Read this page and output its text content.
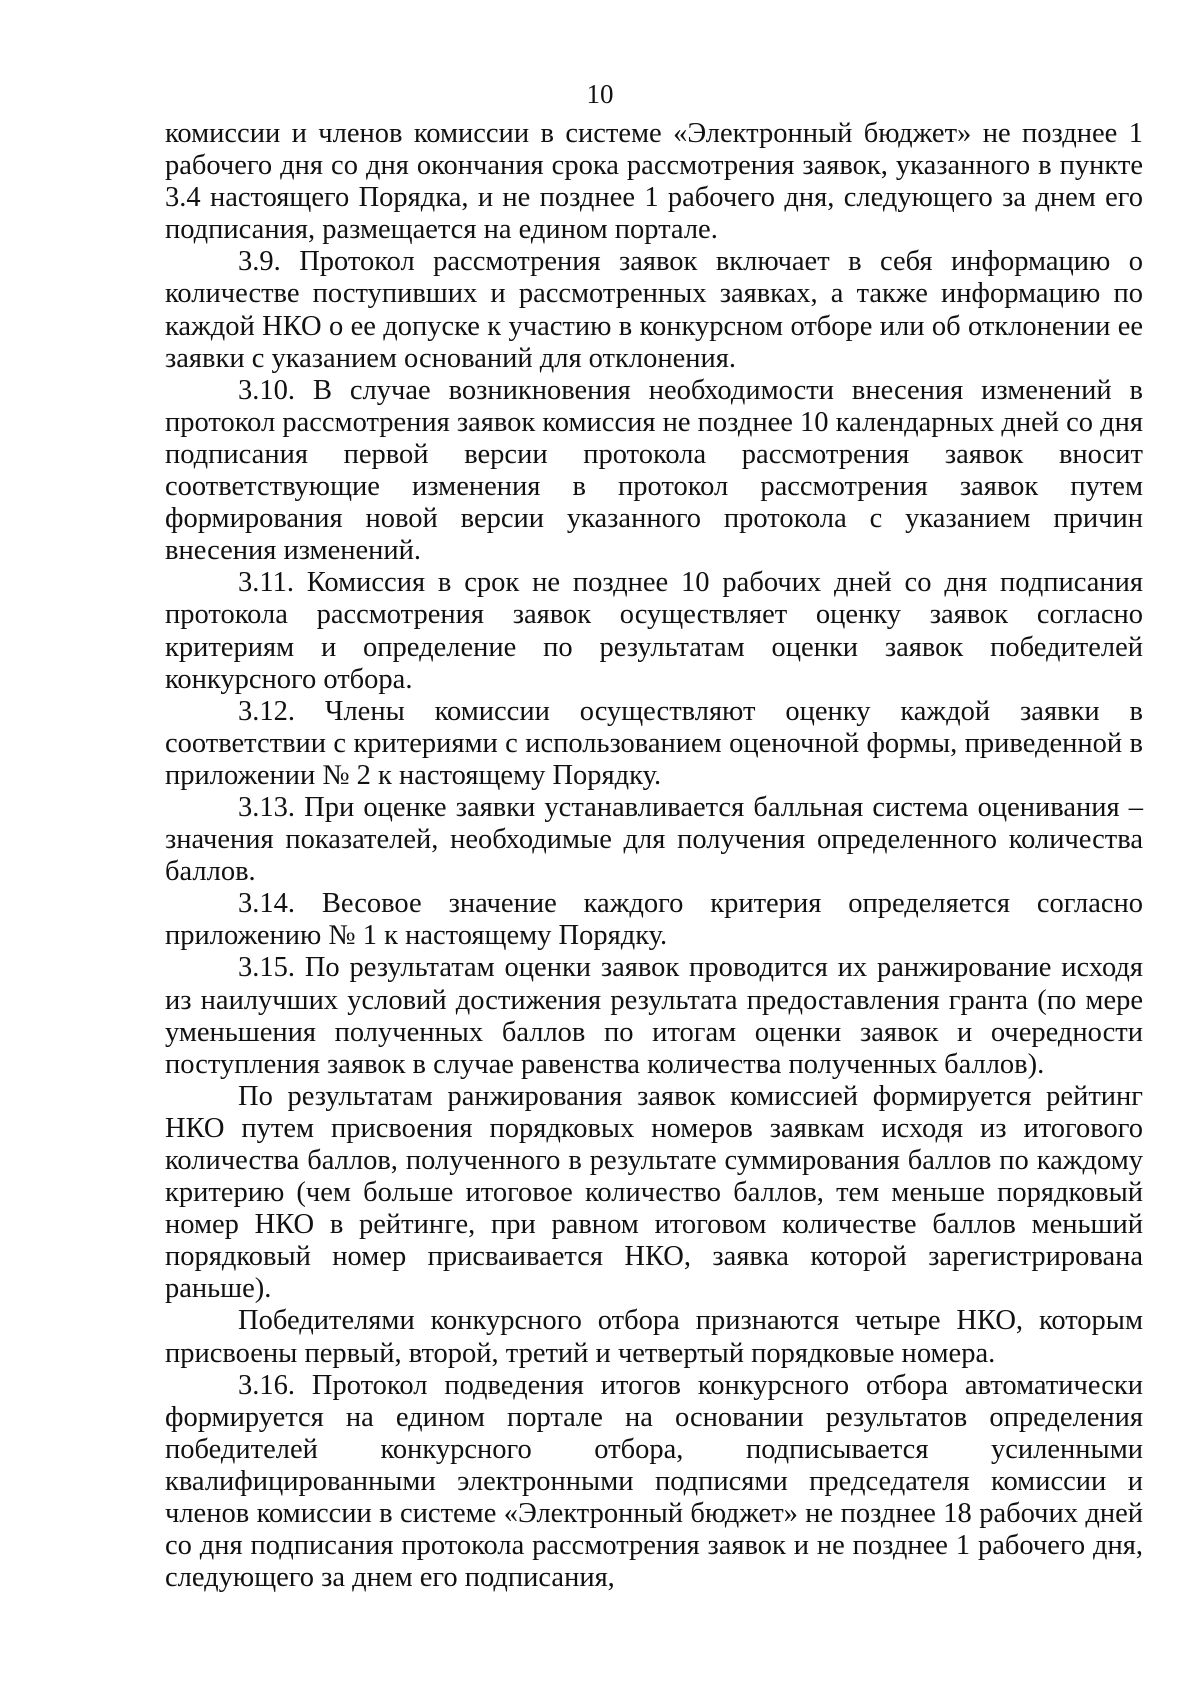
10

комиссии и членов комиссии в системе «Электронный бюджет» не позднее 1 рабочего дня со дня окончания срока рассмотрения заявок, указанного в пункте 3.4 настоящего Порядка, и не позднее 1 рабочего дня, следующего за днем его подписания, размещается на едином портале.

3.9. Протокол рассмотрения заявок включает в себя информацию о количестве поступивших и рассмотренных заявках, а также информацию по каждой НКО о ее допуске к участию в конкурсном отборе или об отклонении ее заявки с указанием оснований для отклонения.

3.10. В случае возникновения необходимости внесения изменений в протокол рассмотрения заявок комиссия не позднее 10 календарных дней со дня подписания первой версии протокола рассмотрения заявок вносит соответствующие изменения в протокол рассмотрения заявок путем формирования новой версии указанного протокола с указанием причин внесения изменений.

3.11. Комиссия в срок не позднее 10 рабочих дней со дня подписания протокола рассмотрения заявок осуществляет оценку заявок согласно критериям и определение по результатам оценки заявок победителей конкурсного отбора.

3.12. Члены комиссии осуществляют оценку каждой заявки в соответствии с критериями с использованием оценочной формы, приведенной в приложении № 2 к настоящему Порядку.

3.13. При оценке заявки устанавливается балльная система оценивания – значения показателей, необходимые для получения определенного количества баллов.

3.14. Весовое значение каждого критерия определяется согласно приложению № 1 к настоящему Порядку.

3.15. По результатам оценки заявок проводится их ранжирование исходя из наилучших условий достижения результата предоставления гранта (по мере уменьшения полученных баллов по итогам оценки заявок и очередности поступления заявок в случае равенства количества полученных баллов).

По результатам ранжирования заявок комиссией формируется рейтинг НКО путем присвоения порядковых номеров заявкам исходя из итогового количества баллов, полученного в результате суммирования баллов по каждому критерию (чем больше итоговое количество баллов, тем меньше порядковый номер НКО в рейтинге, при равном итоговом количестве баллов меньший порядковый номер присваивается НКО, заявка которой зарегистрирована раньше).

Победителями конкурсного отбора признаются четыре НКО, которым присвоены первый, второй, третий и четвертый порядковые номера.

3.16. Протокол подведения итогов конкурсного отбора автоматически формируется на едином портале на основании результатов определения победителей конкурсного отбора, подписывается усиленными квалифицированными электронными подписями председателя комиссии и членов комиссии в системе «Электронный бюджет» не позднее 18 рабочих дней со дня подписания протокола рассмотрения заявок и не позднее 1 рабочего дня, следующего за днем его подписания,
